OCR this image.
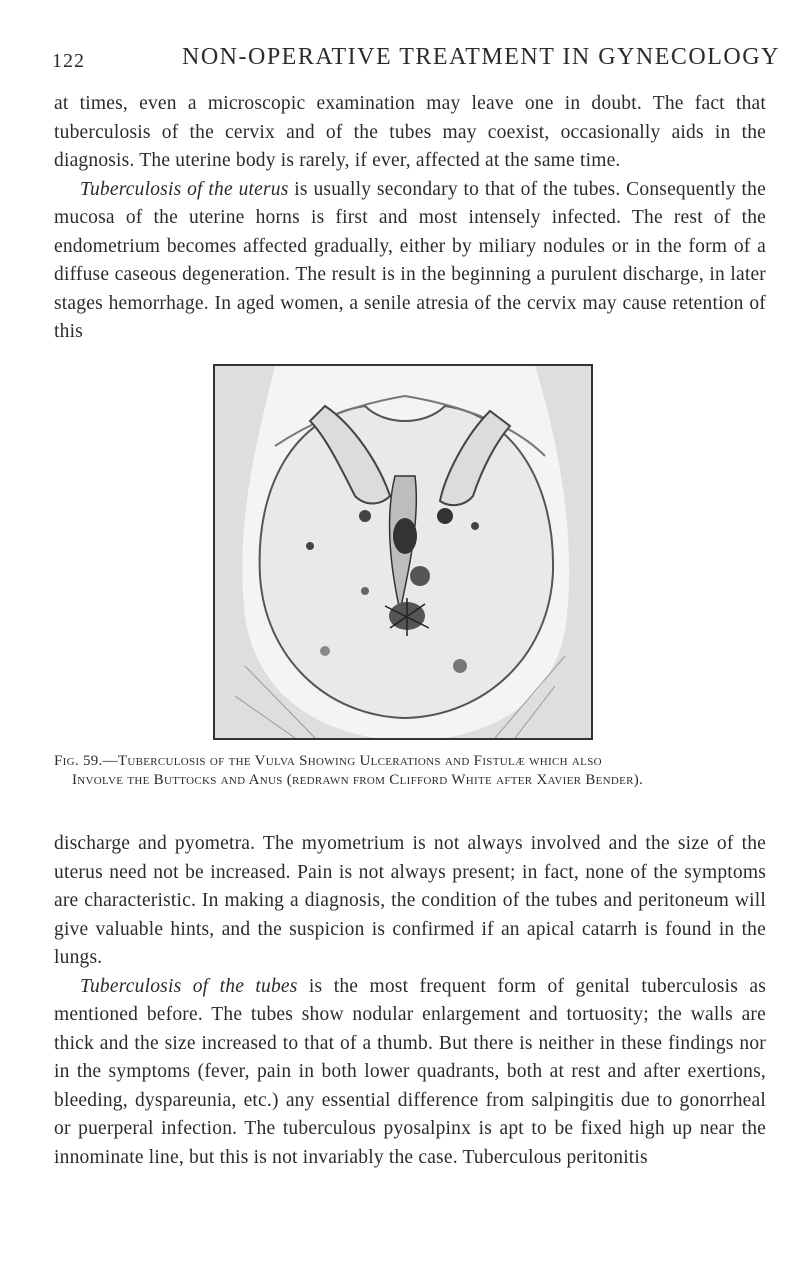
122	NON-OPERATIVE TREATMENT IN GYNECOLOGY

at times, even a microscopic examination may leave one in doubt. The fact that tuberculosis of the cervix and of the tubes may coexist, occasionally aids in the diagnosis. The uterine body is rarely, if ever, affected at the same time.

Tuberculosis of the uterus is usually secondary to that of the tubes. Consequently the mucosa of the uterine horns is first and most intensely infected. The rest of the endometrium becomes affected gradually, either by miliary nodules or in the form of a diffuse caseous degeneration. The result is in the beginning a purulent discharge, in later stages hemorrhage. In aged women, a senile atresia of the cervix may cause retention of this

Fig. 59.—Tuberculosis of the Vulva Showing Ulcerations and Fistulæ which also
Involve the Buttocks and Anus (redrawn from Clifford White after Xavier Bender).

discharge and pyometra. The myometrium is not always involved and the size of the uterus need not be increased. Pain is not always present; in fact, none of the symptoms are characteristic. In making a diagnosis, the condition of the tubes and peritoneum will give valuable hints, and the suspicion is confirmed if an apical catarrh is found in the lungs.

Tuberculosis of the tubes is the most frequent form of genital tuberculosis as mentioned before. The tubes show nodular enlargement and tortuosity; the walls are thick and the size increased to that of a thumb. But there is neither in these findings nor in the symptoms (fever, pain in both lower quadrants, both at rest and after exertions, bleeding, dyspareunia, etc.) any essential difference from salpingitis due to gonorrheal or puerperal infection. The tuberculous pyosalpinx is apt to be fixed high up near the innominate line, but this is not invariably the case. Tuberculous peritonitis
